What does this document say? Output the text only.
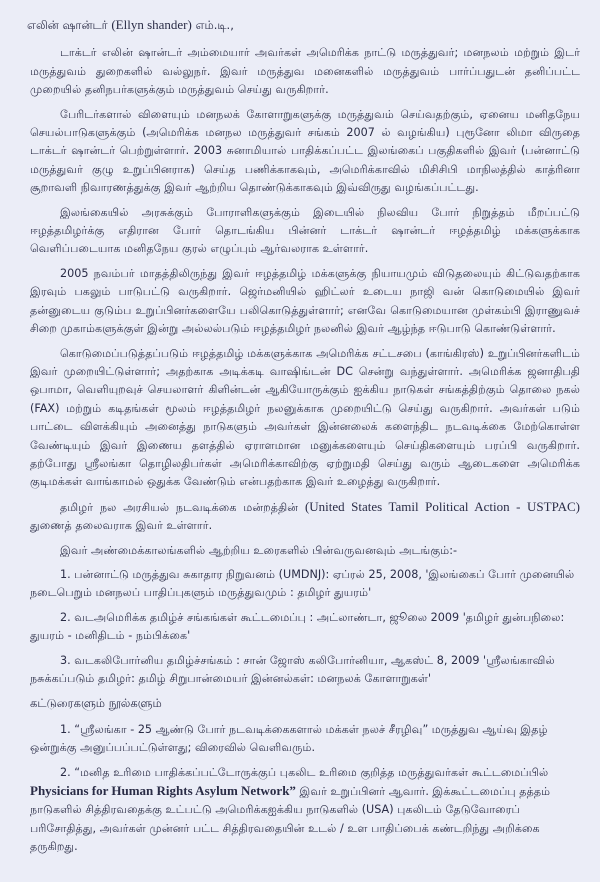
எலின் ஷான்டர் (Ellyn shander) எம்.டி.,

டாக்டர் எலின் ஷான்டர் அம்மையார் அவர்கள் அமெரிக்க நாட்டு மருத்துவர்; மனநலம் மற்றும் இடர் மருத்துவம் துறைகளில் வல்லுநர். இவர் மருத்துவ மனைகளில் மருத்துவம் பார்ப்பதுடன் தனிப்பட்ட முறையில் தனிநபர்களுக்கும் மருத்துவம் செய்து வருகிறார்.

பேரிடர்களால் விளையும் மனநலக் கோளாறுகளுக்கு மருத்துவம் செய்வதற்கும், ஏனைய மனிதநேய செயல்பாடுகளுக்கும் (அமெரிக்க மனநல மருத்துவர் சங்கம் 2007 ல் வழங்கிய) புரூனோ லிமா விருதை டாக்டர் ஷான்டர் பெற்றுள்ளார். 2003 சுனாமியால் பாதிக்கப்பட்ட இலங்கைப் பகுதிகளில் இவர் (பன்னாட்டு மருத்துவர் குழு உறுப்பினராக) செய்த பணிக்காகவும், அமெரிக்காவில் மிசிசிபி மாநிலத்தில் காத்ரினா சூறாவளி நிவாரணத்துக்கு இவர் ஆற்றிய தொண்டுக்காகவும் இவ்விருது வழங்கப்பட்டது.

இலங்கையில் அரசுக்கும் போராளிகளுக்கும் இடையில் நிலவிய போர் நிறுத்தம் மீறப்பட்டு ஈழத்தமிழர்க்கு எதிரான போர் தொடங்கிய பின்னர் டாக்டர் ஷான்டர் ஈழத்தமிழ் மக்களுக்காக வெளிப்படையாக மனிதநேய குரல் எழுப்பும் ஆர்வலராக உள்ளார்.

2005 நவம்பர் மாதத்திலிருந்து இவர் ஈழத்தமிழ் மக்களுக்கு நியாயமும் விடுதலையும் கிட்டுவதற்காக இரவும் பகலும் பாடுபட்டு வருகிறார். ஜெர்மனியில் ஹிட்லர் உடைய நாஜி வன் கொடுமையில் இவர் தன்னுடைய குடும்ப உறுப்பினர்களையே பலிகொடுத்துள்ளார்; எனவே கொடுமையான முள்கம்பி இராணுவச் சிறை முகாம்களுக்குள் இன்று அல்லல்படும் ஈழத்தமிழர் நலனில் இவர் ஆழ்ந்த ஈடுபாடு கொண்டுள்ளார்.

கொடுமைப்படுத்தப்படும் ஈழத்தமிழ் மக்களுக்காக அமெரிக்க சட்டசபை (காங்கிரஸ்) உறுப்பினர்களிடம் இவர் முறையிட்டுள்ளார்; அதற்காக அடிக்கடி வாஷிங்டன் DC சென்று வந்துள்ளார். அமெரிக்க ஜனாதிபதி ஒபாமா, வெளியுறவுச் செயலாளர் கிளின்டன் ஆகியோருக்கும் ஐக்கிய நாடுகள் சங்கத்திற்கும் தொலை நகல் (FAX) மற்றும் கடிதங்கள் மூலம் ஈழத்தமிழர் நலனுக்காக முறையிட்டு செய்து வருகிறார். அவர்கள் படும் பாட்டை விளக்கியும் அனைத்து நாடுகளும் அவர்கள் இன்னலைக் களைந்திட நடவடிக்கை மேற்கொள்ள வேண்டியும் இவர் இணைய தளத்தில் ஏராளமான மனுக்களையும் செய்திகளையும் பரப்பி வருகிறார். தற்போது ஸ்ரீலங்கா தொழிலதிபர்கள் அமெரிக்காவிற்கு ஏற்றுமதி செய்து வரும் ஆடைகளை அமெரிக்க குடிமக்கள் வாங்காமல் ஒதுக்க வேண்டும் என்பதற்காக இவர் உழைத்து வருகிறார்.

தமிழர் நல அரசியல் நடவடிக்கை மன்றத்தின் (United States Tamil Political Action - USTPAC) துணைத் தலைவராக இவர் உள்ளார்.

இவர் அண்மைக்காலங்களில் ஆற்றிய உரைகளில் பின்வருவனவும் அடங்கும்:-

1. பன்னாட்டு மருத்துவ சுகாதார நிறுவனம் (UMDNJ): ஏப்ரல் 25, 2008, 'இலங்கைப் போர் முனையில் நடைபெறும் மனநலப் பாதிப்புகளும் மருத்துவமும் : தமிழர் துயரம்'
2. வடஅமெரிக்க தமிழ்ச் சங்கங்கள் கூட்டமைப்பு : அட்லாண்டா, ஜூலை 2009 'தமிழர் துன்பநிலை: துயரம் - மனிதிடம் - நம்பிக்கை'
3. வடகலிபோர்னிய தமிழ்ச்சங்கம் : சான் ஜோஸ் கலிபோர்னியா, ஆகஸ்ட் 8, 2009 'ஸ்ரீலங்காவில் நசுக்கப்படும் தமிழர்: தமிழ் சிறுபான்மையர் இன்னல்கள்: மனநலக் கோளாறுகள்'
கட்டுரைகளும் நூல்களும்
1. “ஸ்ரீலங்கா - 25 ஆண்டு போர் நடவடிக்கைகளால் மக்கள் நலச் சீரழிவு” மருத்துவ ஆய்வு இதழ் ஒன்றுக்கு அனுப்பப்பட்டுள்ளது; விரைவில் வெளிவரும்.
2. “மனித உரிமை பாதிக்கப்பட்டோருக்குப் புகலிட உரிமை குறித்த மருத்துவர்கள் கூட்டமைப்பில் Physicians for Human Rights Asylum Network” இவர் உறுப்பினர் ஆவார். இக்கூட்டமைப்பு தத்தம் நாடுகளில் சித்திரவதைக்கு உட்பட்டு அமெரிக்கஐக்கிய நாடுகளில் (USA) புகலிடம் தேடுவோரைப் பரிசோதித்து, அவர்கள் முன்னர் பட்ட சித்திரவதையின் உடல் / உள பாதிப்பைக் கண்டறிந்து அறிக்கை தருகிறது.
